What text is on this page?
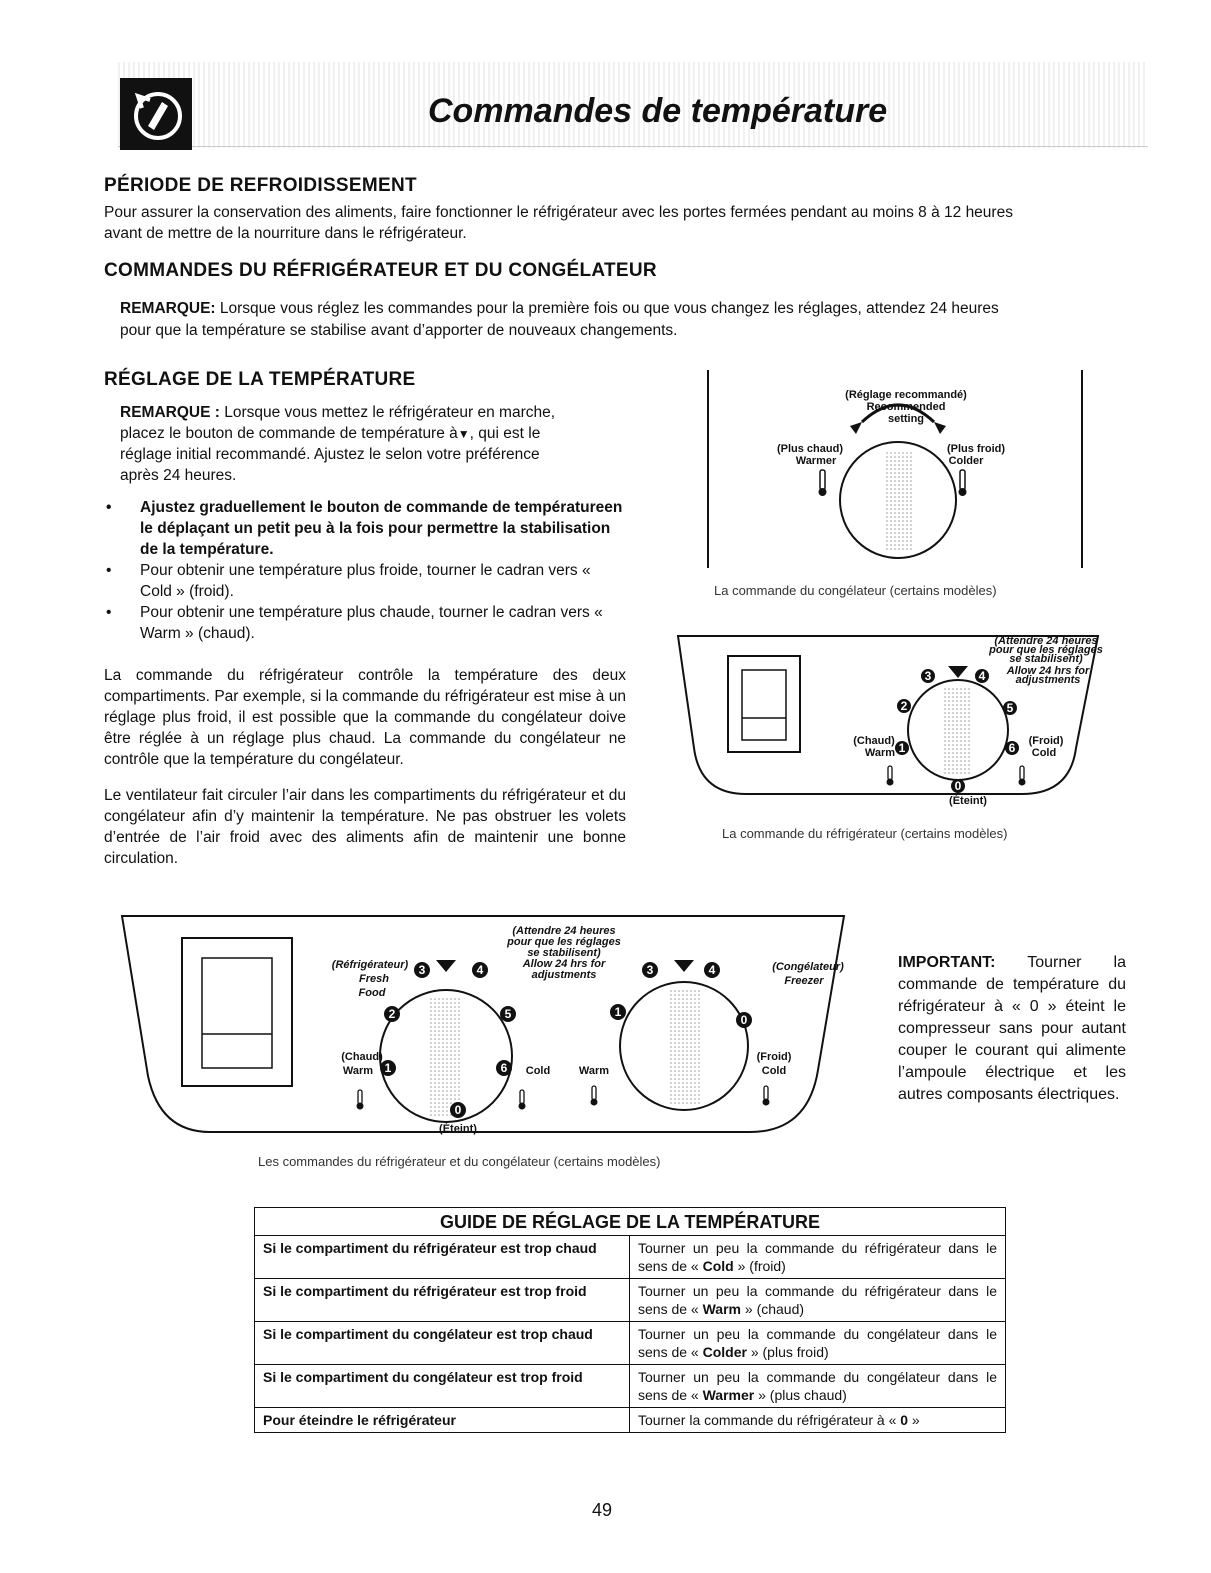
Commandes de température
PÉRIODE DE REFROIDISSEMENT
Pour assurer la conservation des aliments, faire fonctionner le réfrigérateur avec les portes fermées pendant au moins 8 à 12 heures
avant de mettre de la nourriture dans le réfrigérateur.
COMMANDES DU RÉFRIGÉRATEUR ET DU CONGÉLATEUR
REMARQUE: Lorsque vous réglez les commandes pour la première fois ou que vous changez les réglages, attendez 24 heures
pour que la température se stabilise avant d’apporter de nouveaux changements.
RÉGLAGE DE LA TEMPÉRATURE
REMARQUE : Lorsque vous mettez le réfrigérateur en marche,
placez le bouton de commande de température à▼, qui est le
réglage initial recommandé. Ajustez le selon votre préférence
après 24 heures.
• Ajustez graduellement le bouton de commande de températureen le déplaçant un petit peu à la fois pour permettre la stabilisation de la température.
• Pour obtenir une température plus froide, tourner le cadran vers « Cold » (froid).
• Pour obtenir une température plus chaude, tourner le cadran vers « Warm » (chaud).
La commande du réfrigérateur contrôle la température des deux compartiments. Par exemple, si la commande du réfrigérateur est mise à un réglage plus froid, il est possible que la commande du congélateur doive être réglée à un réglage plus chaud. La commande du congélateur ne contrôle que la température du congélateur.
Le ventilateur fait circuler l’air dans les compartiments du réfrigérateur et du congélateur afin d’y maintenir la température. Ne pas obstruer les volets d’entrée de l’air froid avec des aliments afin de maintenir une bonne circulation.
(Réglage recommandé)
Recommended
setting
(Plus chaud)
Warmer
(Plus froid)
Colder
La commande du congélateur (certains modèles)
3	4
2	5
1	6
0
(Chaud)
Warm
(Froid)
Cold
(Éteint)
(Attendre 24 heures
pour que les réglages
se stabilisent)
Allow 24 hrs for
adjustments
La commande du réfrigérateur (certains modèles)
3	4
2	5
1	6
0
3	4
1
0
(Réfrigérateur)
Fresh
Food
(Congélateur)
Freezer
(Attendre 24 heures
pour que les réglages
se stabilisent)
Allow 24 hrs for
adjustments
(Chaud)
Warm	Cold	Warm
(Froid)
Cold
(Éteint)
Les commandes du réfrigérateur et du congélateur (certains modèles)
IMPORTANT: Tourner la commande de température du réfrigérateur à « 0 » éteint le compresseur sans pour autant couper le courant qui alimente l’ampoule électrique et les autres composants électriques.
GUIDE DE RÉGLAGE DE LA TEMPÉRATURE	
Si le compartiment du réfrigérateur est trop chaud	Tourner un peu la commande du réfrigérateur dans le sens de « Cold » (froid)
Si le compartiment du réfrigérateur est trop froid	Tourner un peu la commande du réfrigérateur dans le sens de « Warm » (chaud)
Si le compartiment du congélateur est trop chaud	Tourner un peu la commande du congélateur dans le sens de « Colder » (plus froid)
Si le compartiment du congélateur est trop froid	Tourner un peu la commande du congélateur dans le sens de « Warmer » (plus chaud)
Pour éteindre le réfrigérateur	Tourner la commande du réfrigérateur à « 0 »
49
